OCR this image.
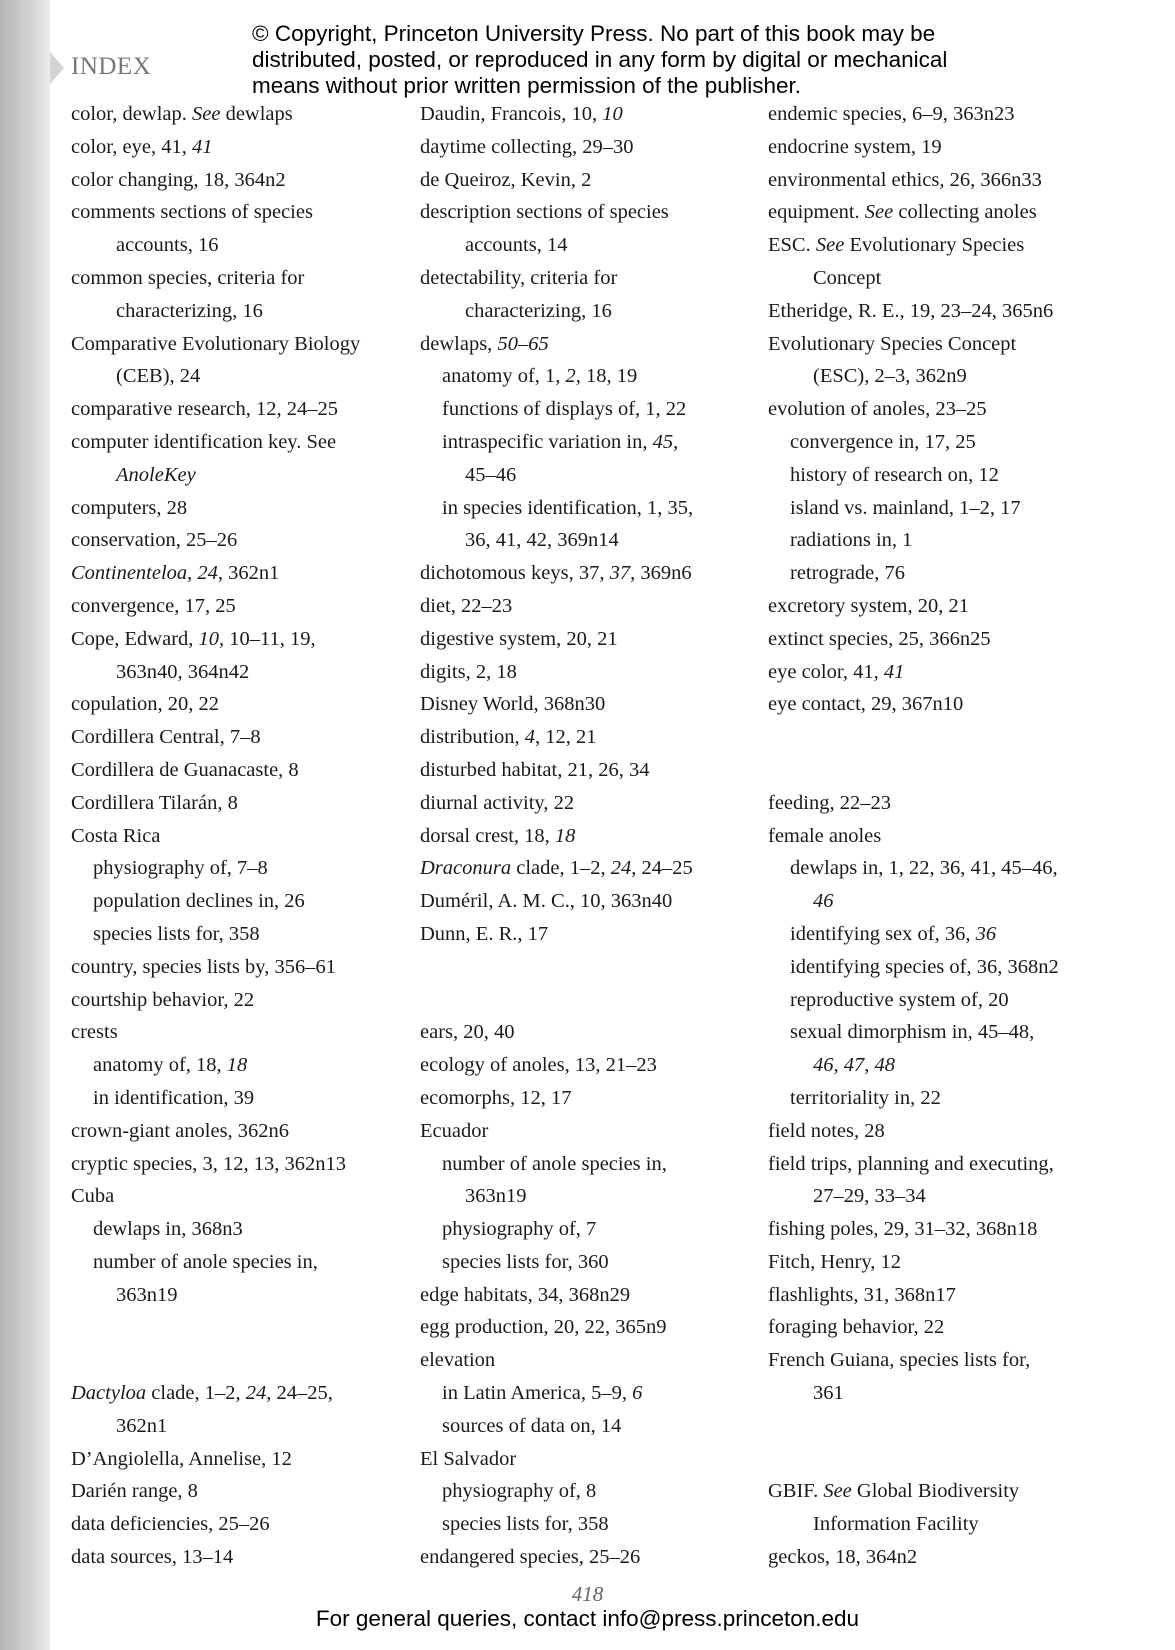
INDEX
© Copyright, Princeton University Press. No part of this book may be
distributed, posted, or reproduced in any form by digital or mechanical
means without prior written permission of the publisher.
color, dewlap. See dewlaps
color, eye, 41, 41
color changing, 18, 364n2
comments sections of species
accounts, 16
common species, criteria for
characterizing, 16
Comparative Evolutionary Biology
(CEB), 24
comparative research, 12, 24–25
computer identification key. See
AnoleKey
computers, 28
conservation, 25–26
Continenteloa, 24, 362n1
convergence, 17, 25
Cope, Edward, 10, 10–11, 19,
363n40, 364n42
copulation, 20, 22
Cordillera Central, 7–8
Cordillera de Guanacaste, 8
Cordillera Tilarán, 8
Costa Rica
physiography of, 7–8
population declines in, 26
species lists for, 358
country, species lists by, 356–61
courtship behavior, 22
crests
anatomy of, 18, 18
in identification, 39
crown-giant anoles, 362n6
cryptic species, 3, 12, 13, 362n13
Cuba
dewlaps in, 368n3
number of anole species in,
363n19
Dactyloa clade, 1–2, 24, 24–25,
362n1
D’Angiolella, Annelise, 12
Darién range, 8
data deficiencies, 25–26
data sources, 13–14
Daudin, Francois, 10, 10
daytime collecting, 29–30
de Queiroz, Kevin, 2
description sections of species
accounts, 14
detectability, criteria for
characterizing, 16
dewlaps, 50–65
anatomy of, 1, 2, 18, 19
functions of displays of, 1, 22
intraspecific variation in, 45,
45–46
in species identification, 1, 35,
36, 41, 42, 369n14
dichotomous keys, 37, 37, 369n6
diet, 22–23
digestive system, 20, 21
digits, 2, 18
Disney World, 368n30
distribution, 4, 12, 21
disturbed habitat, 21, 26, 34
diurnal activity, 22
dorsal crest, 18, 18
Draconura clade, 1–2, 24, 24–25
Duméril, A. M. C., 10, 363n40
Dunn, E. R., 17
ears, 20, 40
ecology of anoles, 13, 21–23
ecomorphs, 12, 17
Ecuador
number of anole species in,
363n19
physiography of, 7
species lists for, 360
edge habitats, 34, 368n29
egg production, 20, 22, 365n9
elevation
in Latin America, 5–9, 6
sources of data on, 14
El Salvador
physiography of, 8
species lists for, 358
endangered species, 25–26
endemic species, 6–9, 363n23
endocrine system, 19
environmental ethics, 26, 366n33
equipment. See collecting anoles
ESC. See Evolutionary Species
Concept
Etheridge, R. E., 19, 23–24, 365n6
Evolutionary Species Concept
(ESC), 2–3, 362n9
evolution of anoles, 23–25
convergence in, 17, 25
history of research on, 12
island vs. mainland, 1–2, 17
radiations in, 1
retrograde, 76
excretory system, 20, 21
extinct species, 25, 366n25
eye color, 41, 41
eye contact, 29, 367n10
feeding, 22–23
female anoles
dewlaps in, 1, 22, 36, 41, 45–46,
46
identifying sex of, 36, 36
identifying species of, 36, 368n2
reproductive system of, 20
sexual dimorphism in, 45–48,
46, 47, 48
territoriality in, 22
field notes, 28
field trips, planning and executing,
27–29, 33–34
fishing poles, 29, 31–32, 368n18
Fitch, Henry, 12
flashlights, 31, 368n17
foraging behavior, 22
French Guiana, species lists for,
361
GBIF. See Global Biodiversity
Information Facility
geckos, 18, 364n2
418
For general queries, contact info@press.princeton.edu
